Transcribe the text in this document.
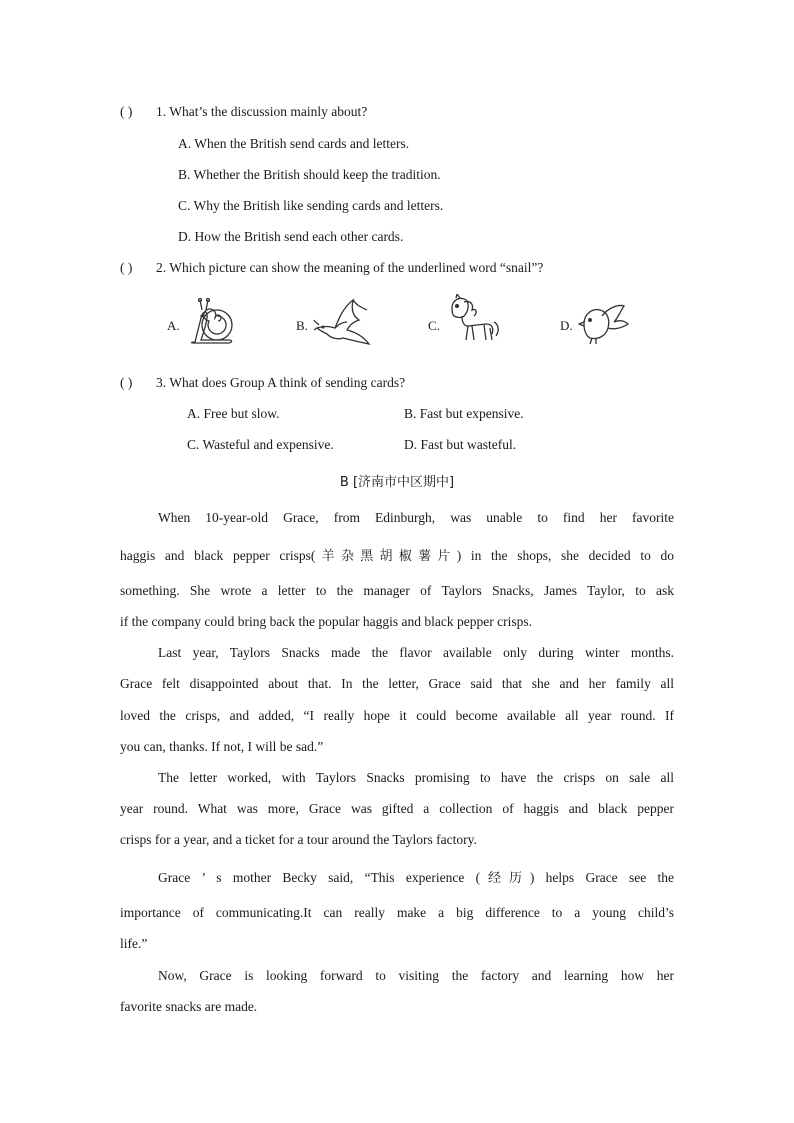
( ) 1. What’s the discussion mainly about?
A. When the British send cards and letters.
B. Whether the British should keep the tradition.
C. Why the British like sending cards and letters.
D. How the British send each other cards.
( ) 2. Which picture can show the meaning of the underlined word “snail”?
A.	B.	C.	D.
( ) 3. What does Group A think of sending cards?
A. Free but slow.	B. Fast but expensive.
C. Wasteful and expensive.	D. Fast but wasteful.
B [济南市中区期中]
When 10-year-old Grace, from Edinburgh, was unable to find her favorite
haggis and black pepper crisps(羊杂黑胡椒薯片) in the shops, she decided to do
something. She wrote a letter to the manager of Taylors Snacks, James Taylor, to ask
if the company could bring back the popular haggis and black pepper crisps.
Last year, Taylors Snacks made the flavor available only during winter months.
Grace felt disappointed about that. In the letter, Grace said that she and her family all
loved the crisps, and added, “I really hope it could become available all year round. If
you can, thanks. If not, I will be sad.”
The letter worked, with Taylors Snacks promising to have the crisps on sale all
year round. What was more, Grace was gifted a collection of haggis and black pepper
crisps for a year, and a ticket for a tour around the Taylors factory.
Grace ’ s mother Becky said, “This experience (经历) helps Grace see the
importance of communicating.It can really make a big difference to a young child’s
life.”
Now, Grace is looking forward to visiting the factory and learning how her
favorite snacks are made.
